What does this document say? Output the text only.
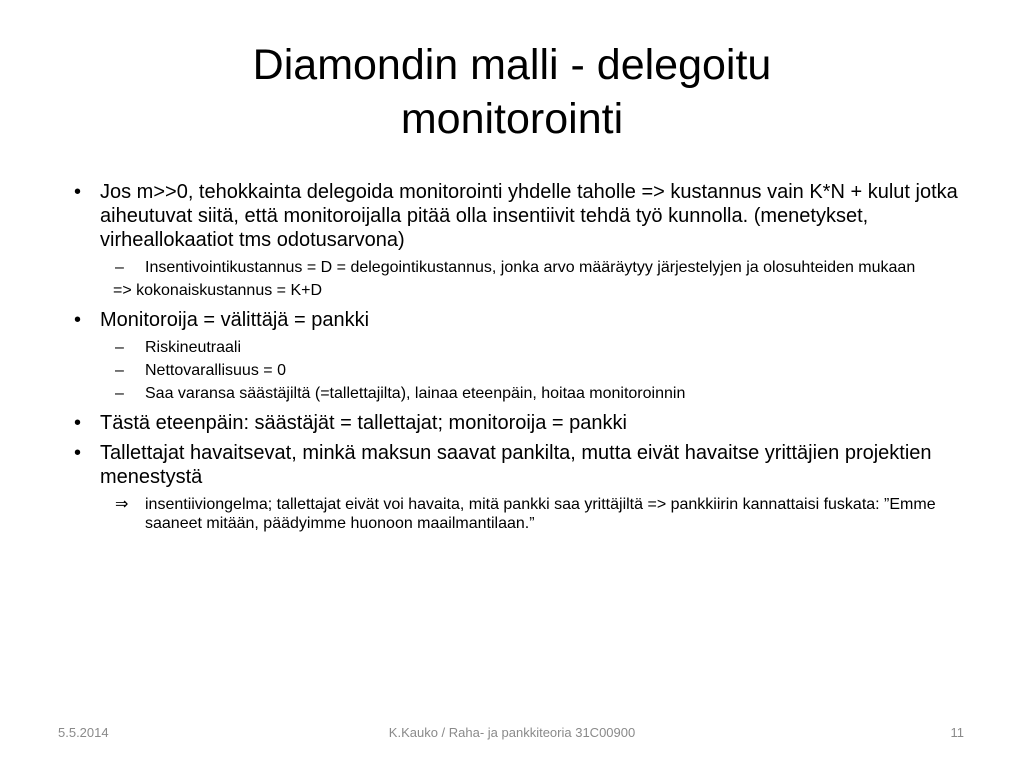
Diamondin malli - delegoitu
monitorointi
• Jos m>>0, tehokkainta delegoida monitorointi yhdelle taholle => kustannus vain K*N + kulut jotka aiheutuvat siitä, että monitoroijalla pitää olla insentiivit tehdä työ kunnolla. (menetykset, virheallokaatiot tms odotusarvona)
– Insentivointikustannus = D = delegointikustannus, jonka arvo määräytyy järjestelyjen ja olosuhteiden mukaan
=> kokonaiskustannus = K+D
• Monitoroija = välittäjä = pankki
– Riskineutraali
– Nettovarallisuus = 0
– Saa varansa säästäjiltä (=tallettajilta), lainaa eteenpäin, hoitaa monitoroinnin
• Tästä eteenpäin: säästäjät = tallettajat; monitoroija = pankki
• Tallettajat havaitsevat, minkä maksun saavat pankilta, mutta eivät havaitse yrittäjien projektien menestystä
⇒ insentiiviongelma; tallettajat eivät voi havaita, mitä pankki saa yrittäjiltä => pankkiirin kannattaisi fuskata: ”Emme saaneet mitään, päädyimme huonoon maailmantilaan.”
5.5.2014	K.Kauko / Raha- ja pankkiteoria 31C00900	11
